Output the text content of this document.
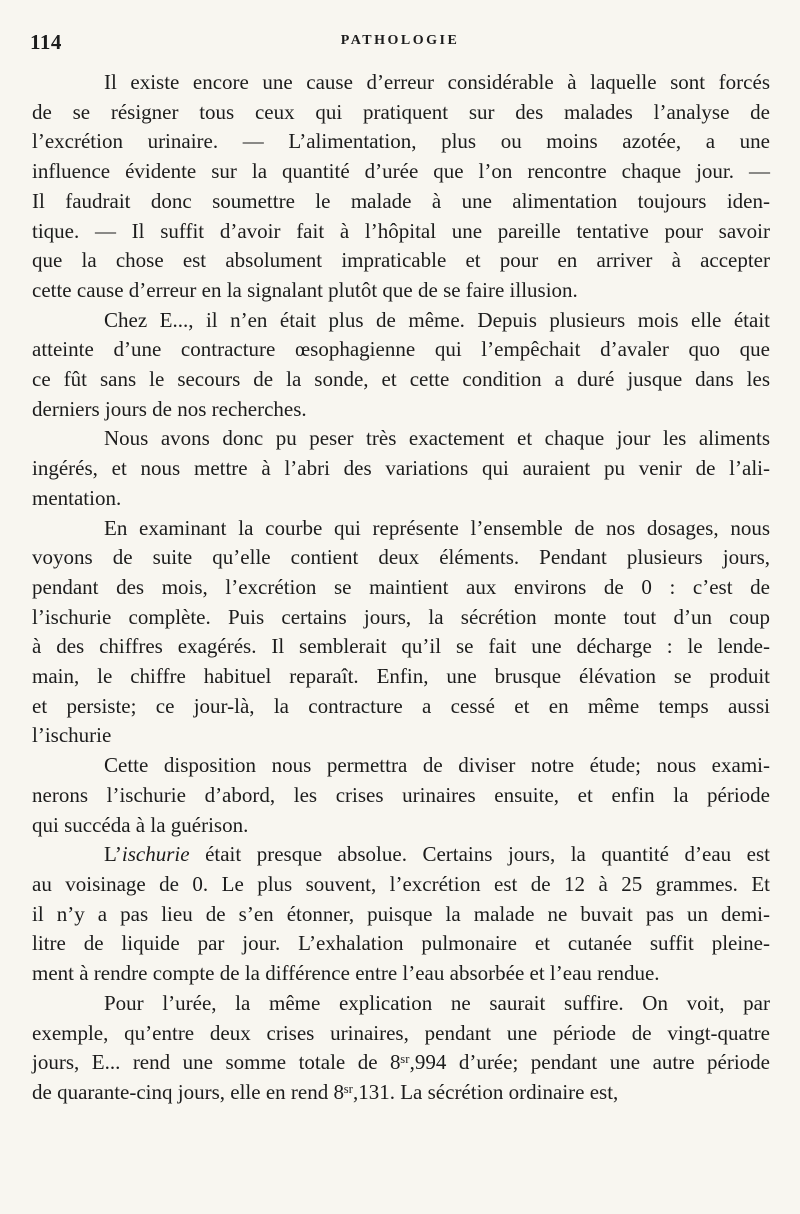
114	PATHOLOGIE

Il existe encore une cause d’erreur considérable à laquelle sont forcés
de se résigner tous ceux qui pratiquent sur des malades l’analyse de
l’excrétion urinaire. — L’alimentation, plus ou moins azotée, a une
influence évidente sur la quantité d’urée que l’on rencontre chaque jour. —
Il faudrait donc soumettre le malade à une alimentation toujours iden-
tique. — Il suffit d’avoir fait à l’hôpital une pareille tentative pour savoir
que la chose est absolument impraticable et pour en arriver à accepter
cette cause d’erreur en la signalant plutôt que de se faire illusion.

Chez E..., il n’en était plus de même. Depuis plusieurs mois elle était
atteinte d’une contracture œsophagienne qui l’empêchait d’avaler quo que
ce fût sans le secours de la sonde, et cette condition a duré jusque dans les
derniers jours de nos recherches.

Nous avons donc pu peser très exactement et chaque jour les aliments
ingérés, et nous mettre à l’abri des variations qui auraient pu venir de l’ali-
mentation.

En examinant la courbe qui représente l’ensemble de nos dosages, nous
voyons de suite qu’elle contient deux éléments. Pendant plusieurs jours,
pendant des mois, l’excrétion se maintient aux environs de 0 : c’est de
l’ischurie complète. Puis certains jours, la sécrétion monte tout d’un coup
à des chiffres exagérés. Il semblerait qu’il se fait une décharge : le lende-
main, le chiffre habituel reparaît. Enfin, une brusque élévation se produit
et persiste; ce jour-là, la contracture a cessé et en même temps aussi
l’ischurie

Cette disposition nous permettra de diviser notre étude; nous exami-
nerons l’ischurie d’abord, les crises urinaires ensuite, et enfin la période
qui succéda à la guérison.

L’ischurie était presque absolue. Certains jours, la quantité d’eau est
au voisinage de 0. Le plus souvent, l’excrétion est de 12 à 25 grammes. Et
il n’y a pas lieu de s’en étonner, puisque la malade ne buvait pas un demi-
litre de liquide par jour. L’exhalation pulmonaire et cutanée suffit pleine-
ment à rendre compte de la différence entre l’eau absorbée et l’eau rendue.

Pour l’urée, la même explication ne saurait suffire. On voit, par
exemple, qu’entre deux crises urinaires, pendant une période de vingt-quatre
jours, E... rend une somme totale de 8ˢʳ,994 d’urée; pendant une autre période
de quarante-cinq jours, elle en rend 8ˢʳ,131. La sécrétion ordinaire est,
